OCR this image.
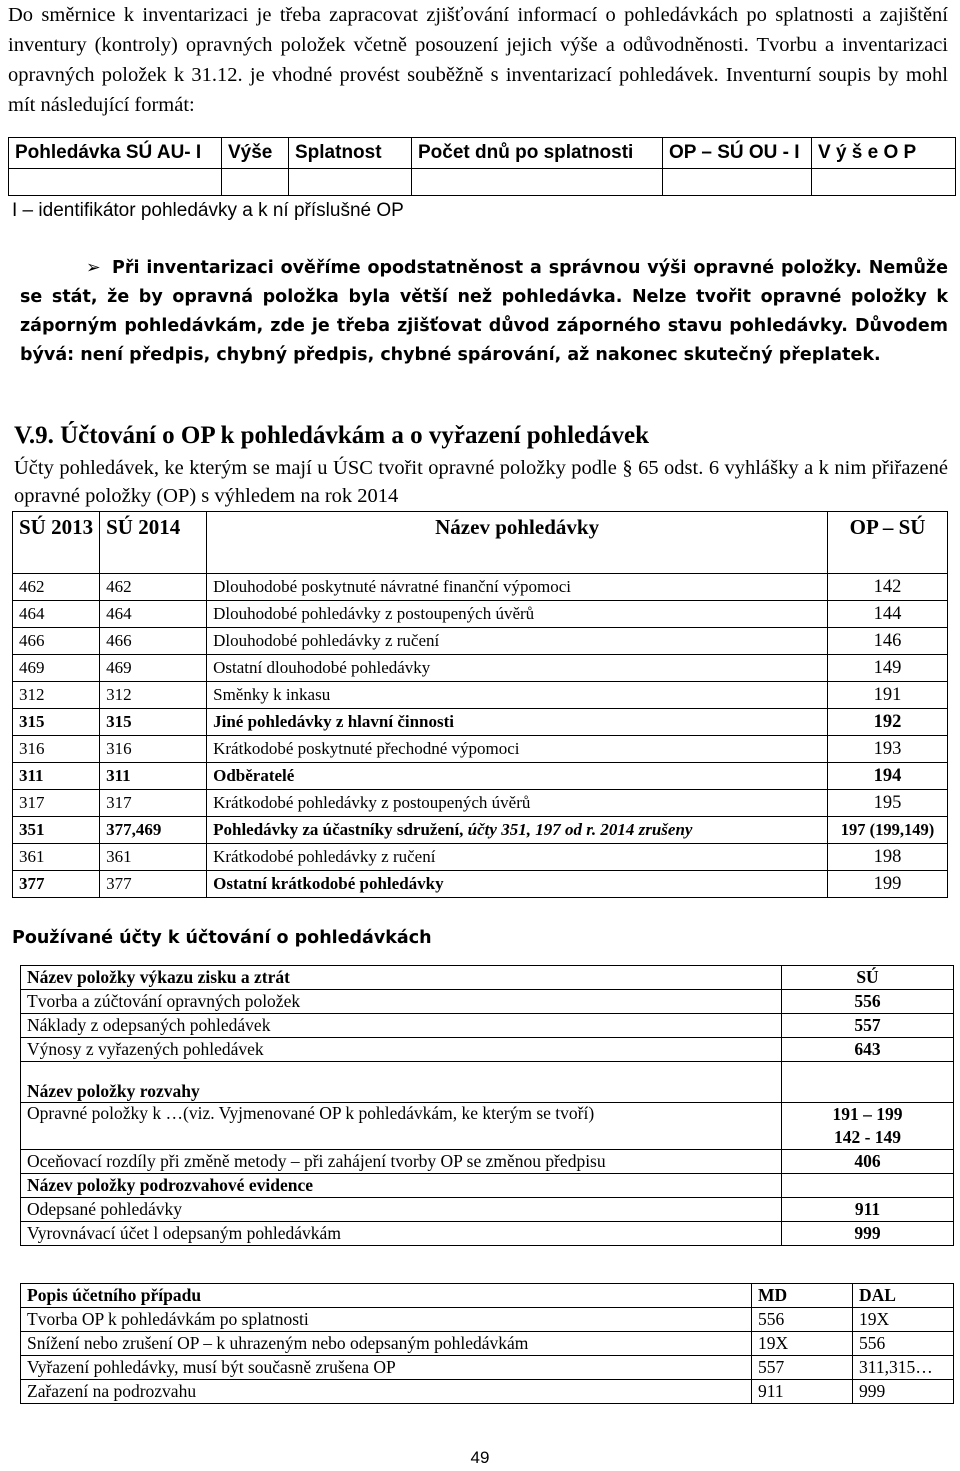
Do směrnice k inventarizaci je třeba zapracovat zjišťování informací o pohledávkách po splatnosti a zajištění inventury (kontroly) opravných položek včetně posouzení jejich výše a odůvodněnosti. Tvorbu a inventarizaci opravných položek k 31.12. je vhodné provést souběžně s inventarizací pohledávek. Inventurní soupis by mohl mít následující formát:
Pohledávka SÚ AU- I	Výše	Splatnost	Počet dnů po splatnosti	OP – SÚ OU - I	V ý š e O P

I – identifikátor pohledávky a k ní příslušné OP
➢ Při inventarizaci ověříme opodstatněnost a správnou výši opravné položky. Nemůže se stát, že by opravná položka byla větší než pohledávka. Nelze tvořit opravné položky k záporným pohledávkám, zde je třeba zjišťovat důvod záporného stavu pohledávky. Důvodem bývá: není předpis, chybný předpis, chybné spárování, až nakonec skutečný přeplatek.
V.9. Účtování o OP k pohledávkám a o vyřazení pohledávek
Účty pohledávek, ke kterým se mají u ÚSC tvořit opravné položky podle § 65 odst. 6 vyhlášky a k nim přiřazené opravné položky (OP) s výhledem na rok 2014
SÚ 2013	SÚ 2014	Název pohledávky	OP – SÚ
462	462	Dlouhodobé poskytnuté návratné finanční výpomoci	142
464	464	Dlouhodobé pohledávky z postoupených úvěrů	144
466	466	Dlouhodobé pohledávky z ručení	146
469	469	Ostatní dlouhodobé pohledávky	149
312	312	Směnky k inkasu	191
315	315	Jiné pohledávky z hlavní činnosti	192
316	316	Krátkodobé poskytnuté přechodné výpomoci	193
311	311	Odběratelé	194
317	317	Krátkodobé pohledávky z postoupených úvěrů	195
351	377,469	Pohledávky za účastníky sdružení, účty 351, 197 od r. 2014 zrušeny	197 (199,149)
361	361	Krátkodobé pohledávky z ručení	198
377	377	Ostatní krátkodobé pohledávky	199
Používané účty k účtování o pohledávkách
Název položky výkazu zisku a ztrát	SÚ
Tvorba a zúčtování opravných položek	556
Náklady z odepsaných pohledávek	557
Výnosy z vyřazených pohledávek	643
Název položky rozvahy	
Opravné položky k …(viz. Vyjmenované OP k pohledávkám, ke kterým se tvoří)	191 – 199
142 - 149

Oceňovací rozdíly při změně metody – při zahájení tvorby OP se změnou předpisu	406
Název položky podrozvahové evidence	
Odepsané pohledávky	911
Vyrovnávací účet l odepsaným pohledávkám	999
Popis účetního případu	MD	DAL
Tvorba OP k pohledávkám po splatnosti	556	19X
Snížení nebo zrušení OP – k uhrazeným nebo odepsaným pohledávkám	19X	556
Vyřazení pohledávky, musí být současně zrušena OP	557	311,315…
Zařazení na podrozvahu	911	999
49
